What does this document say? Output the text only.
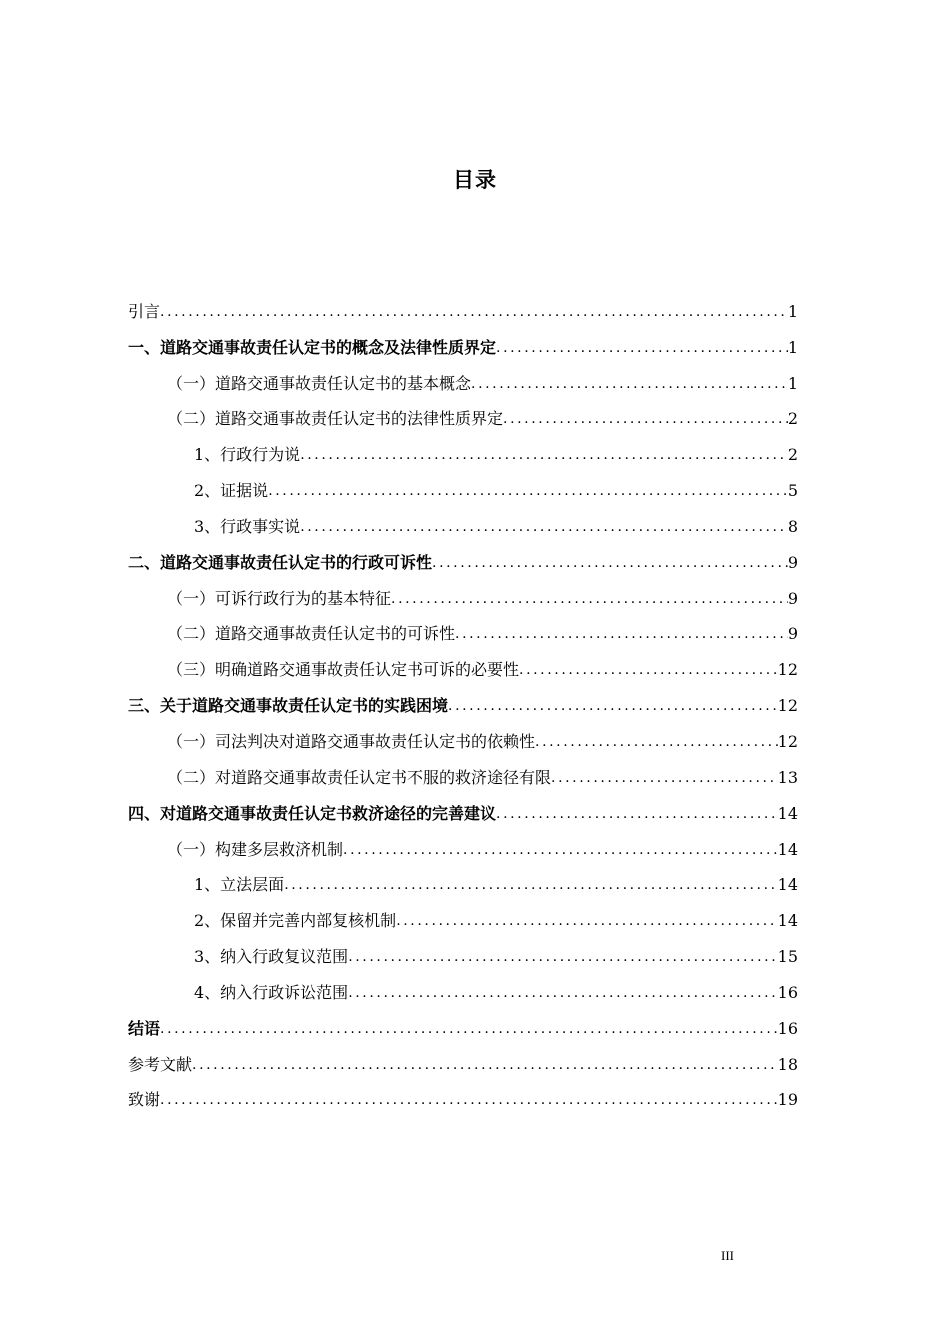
目录
引言 .....	1
一、道路交通事故责任认定书的概念及法律性质界定 .....	1
（一）道路交通事故责任认定书的基本概念 .....	1
（二）道路交通事故责任认定书的法律性质界定 .....	2
1、行政行为说 .....	2
2、证据说 .....	5
3、行政事实说 .....	8
二、道路交通事故责任认定书的行政可诉性 .....	9
（一）可诉行政行为的基本特征 .....	9
（二）道路交通事故责任认定书的可诉性 .....	9
（三）明确道路交通事故责任认定书可诉的必要性 .....	12
三、关于道路交通事故责任认定书的实践困境 .....	12
（一）司法判决对道路交通事故责任认定书的依赖性 .....	12
（二）对道路交通事故责任认定书不服的救济途径有限 .....	13
四、对道路交通事故责任认定书救济途径的完善建议 .....	14
（一）构建多层救济机制 .....	14
1、立法层面 .....	14
2、保留并完善内部复核机制 .....	14
3、纳入行政复议范围 .....	15
4、纳入行政诉讼范围 .....	16
结语 .....	16
参考文献 .....	18
致谢 .....	19
III
